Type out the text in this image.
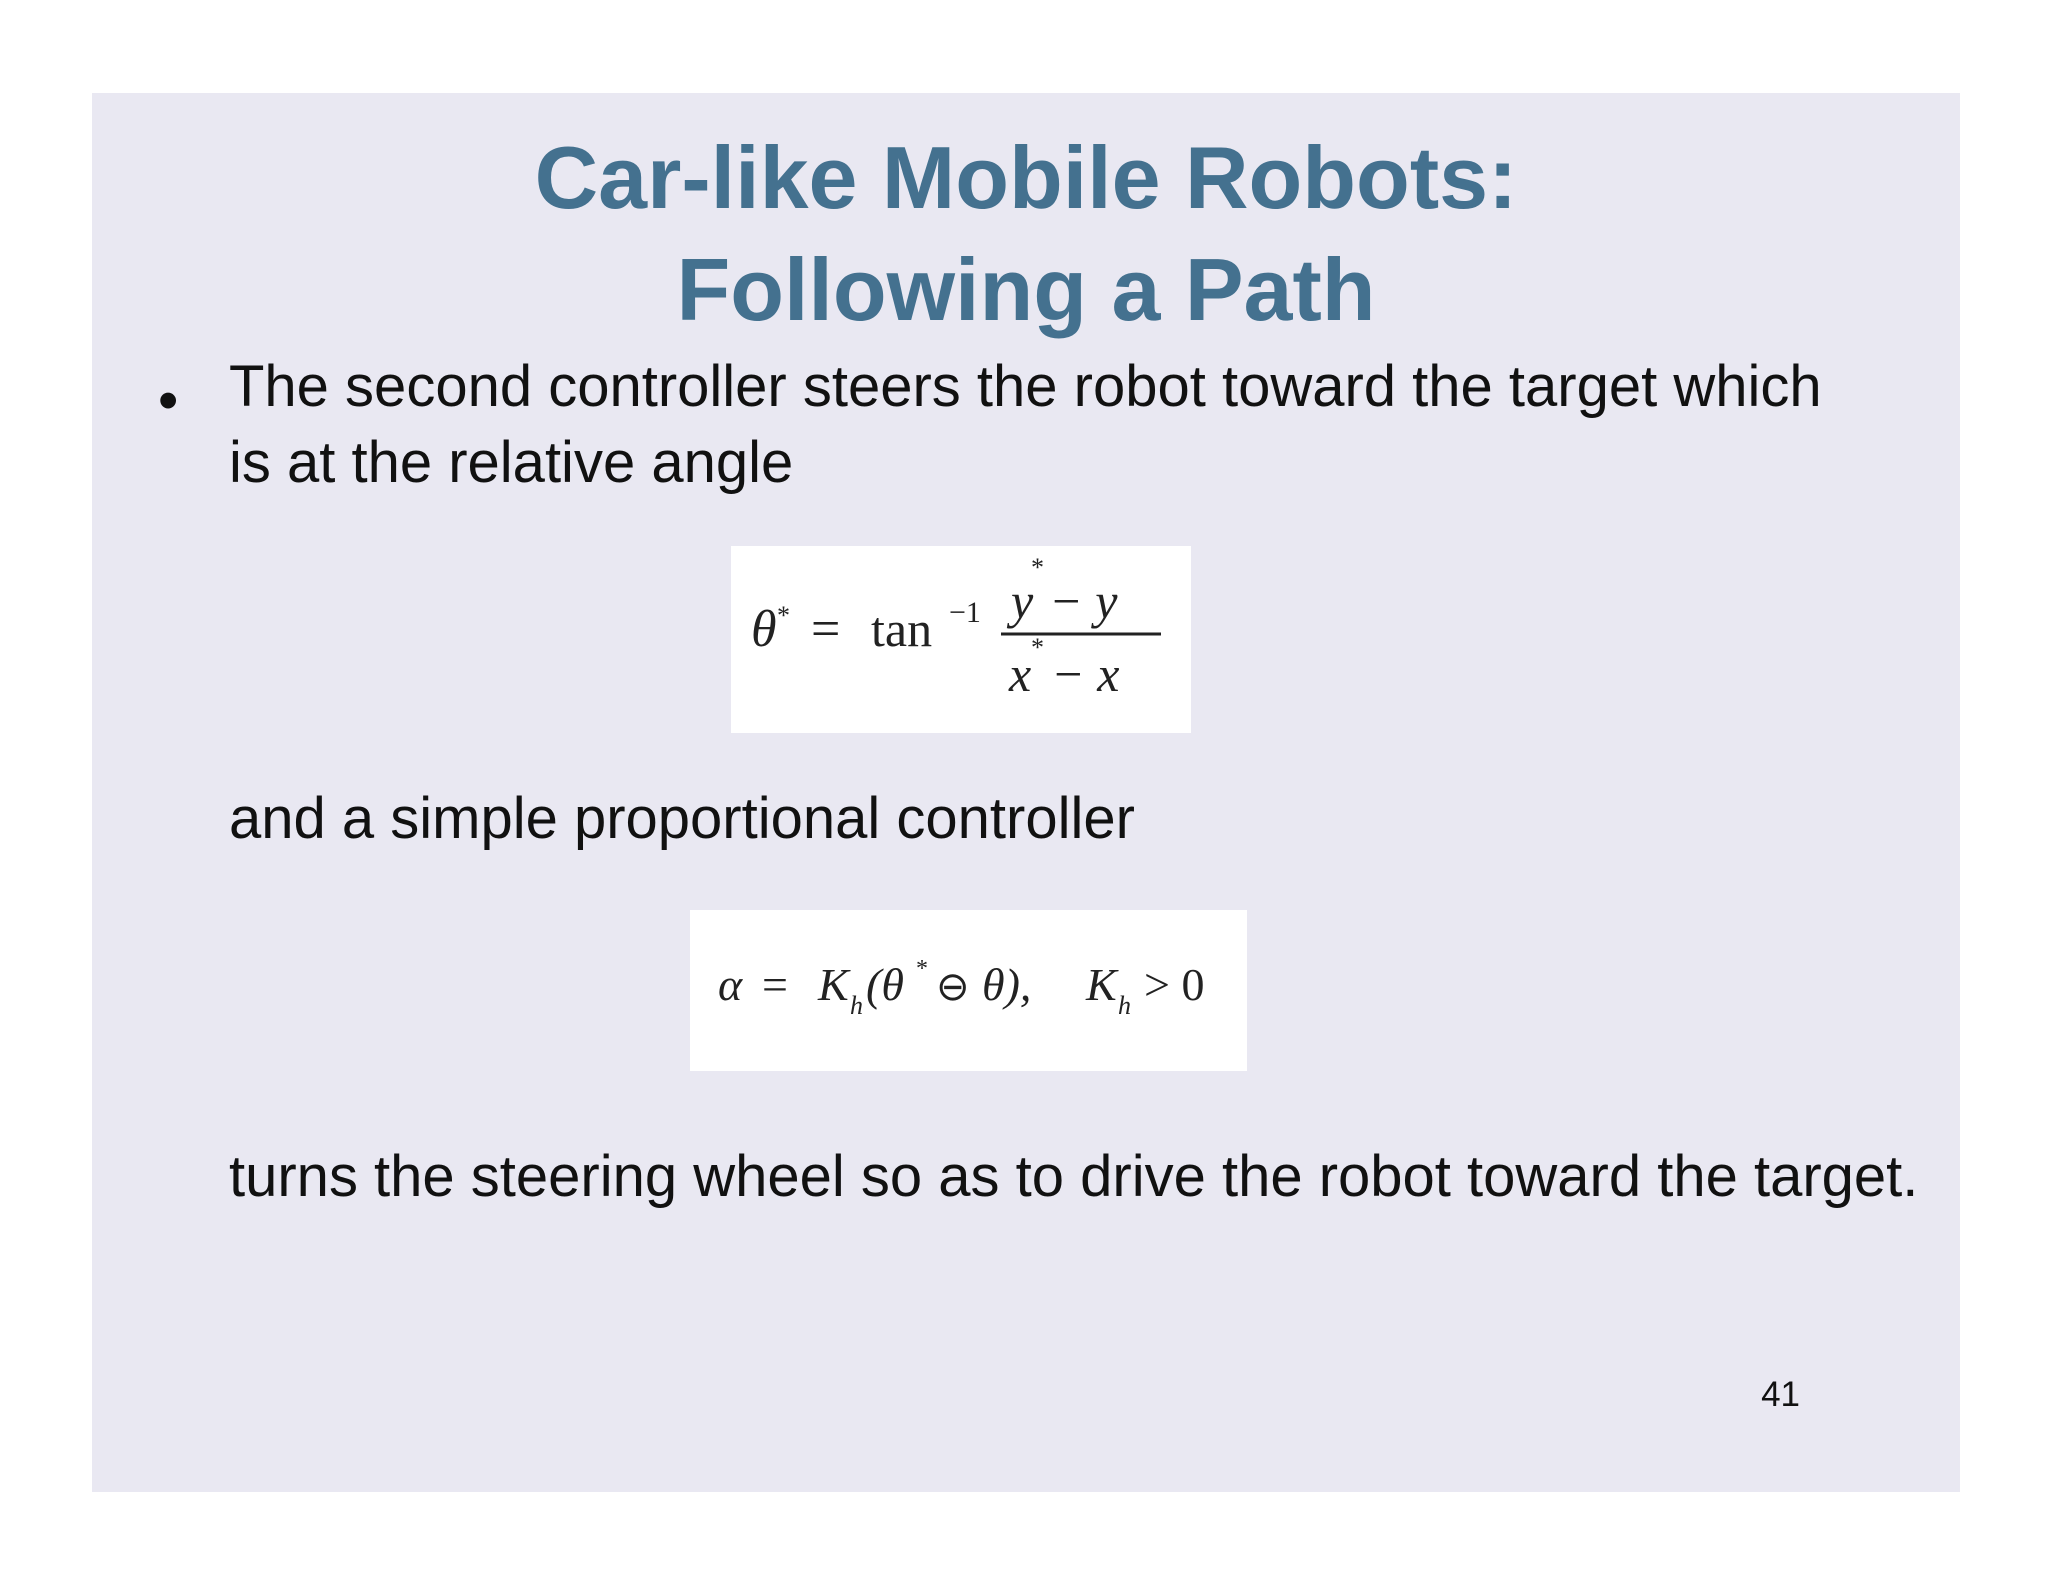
Car-like Mobile Robots:
Following a Path
• The second controller steers the robot toward the target which is at the relative angle

θ * = tan −1 y
*
− y
x * − x

and a simple proportional controller

α = K h (θ * ⊖ θ), K h > 0

turns the steering wheel so as to drive the robot toward the target.

41
